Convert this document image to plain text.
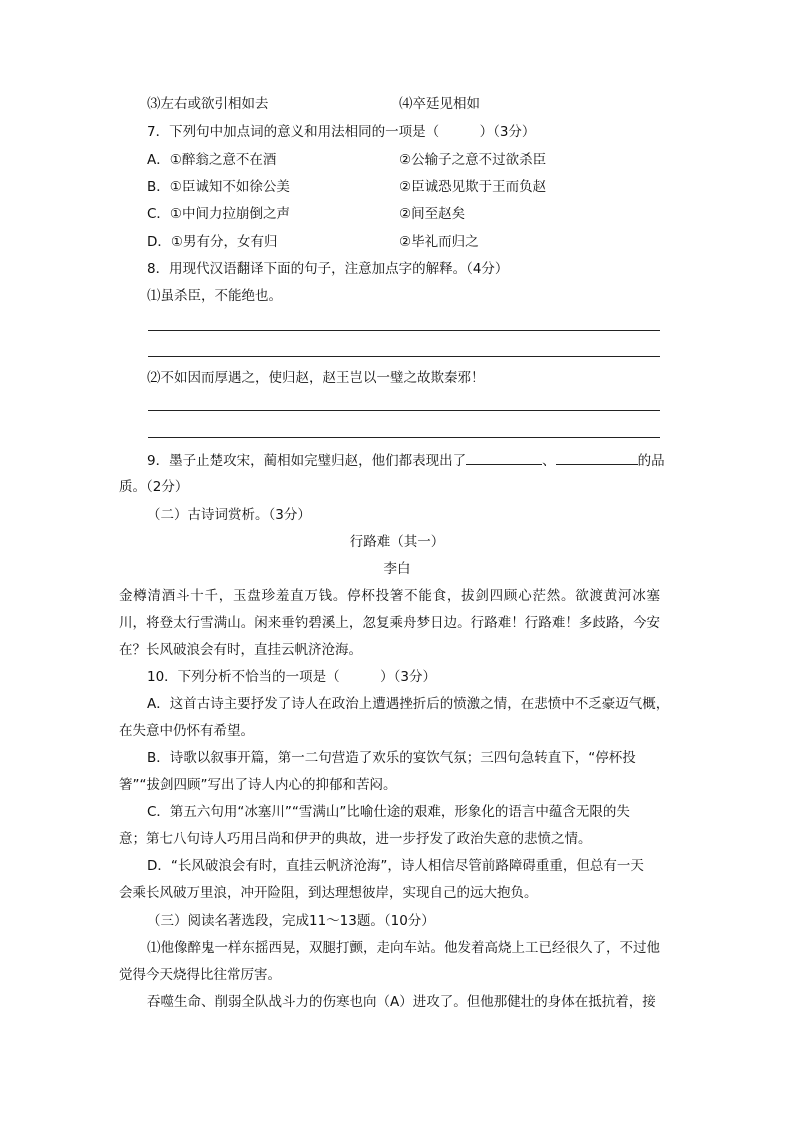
⑶左右或欲引相如去	⑷卒廷见相如
7．下列句中加点词的意义和用法相同的一项是（　　　）（3分）
A．①醉翁之意不在酒	②公输子之意不过欲杀臣
B．①臣诚知不如徐公美	②臣诚恐见欺于王而负赵
C．①中间力拉崩倒之声	②间至赵矣
D．①男有分，女有归	②毕礼而归之
8．用现代汉语翻译下面的句子，注意加点字的解释。（4分）
⑴虽杀臣，不能绝也。
⑵不如因而厚遇之，使归赵，赵王岂以一璧之故欺秦邪！
9．墨子止楚攻宋，蔺相如完璧归赵，他们都表现出了	、	的品
质。（2分）
（二）古诗词赏析。（3分）
行路难（其一）
李白
金樽清酒斗十千，玉盘珍羞直万钱。停杯投箸不能食，拔剑四顾心茫然。欲渡黄河冰塞
川，将登太行雪满山。闲来垂钓碧溪上，忽复乘舟梦日边。行路难！行路难！多歧路，今安
在？长风破浪会有时，直挂云帆济沧海。
10．下列分析不恰当的一项是（　　　）（3分）
A．这首古诗主要抒发了诗人在政治上遭遇挫折后的愤激之情，在悲愤中不乏豪迈气概，
在失意中仍怀有希望。
B．诗歌以叙事开篇，第一二句营造了欢乐的宴饮气氛；三四句急转直下，“停杯投
箸”“拔剑四顾”写出了诗人内心的抑郁和苦闷。
C．第五六句用“冰塞川”“雪满山”比喻仕途的艰难，形象化的语言中蕴含无限的失
意；第七八句诗人巧用吕尚和伊尹的典故，进一步抒发了政治失意的悲愤之情。
D．“长风破浪会有时，直挂云帆济沧海”，诗人相信尽管前路障碍重重，但总有一天
会乘长风破万里浪，冲开险阻，到达理想彼岸，实现自己的远大抱负。
（三）阅读名著选段，完成11～13题。（10分）
⑴他像醉鬼一样东摇西晃，双腿打颤，走向车站。他发着高烧上工已经很久了，不过他
觉得今天烧得比往常厉害。
吞噬生命、削弱全队战斗力的伤寒也向（A）进攻了。但他那健壮的身体在抵抗着，接
